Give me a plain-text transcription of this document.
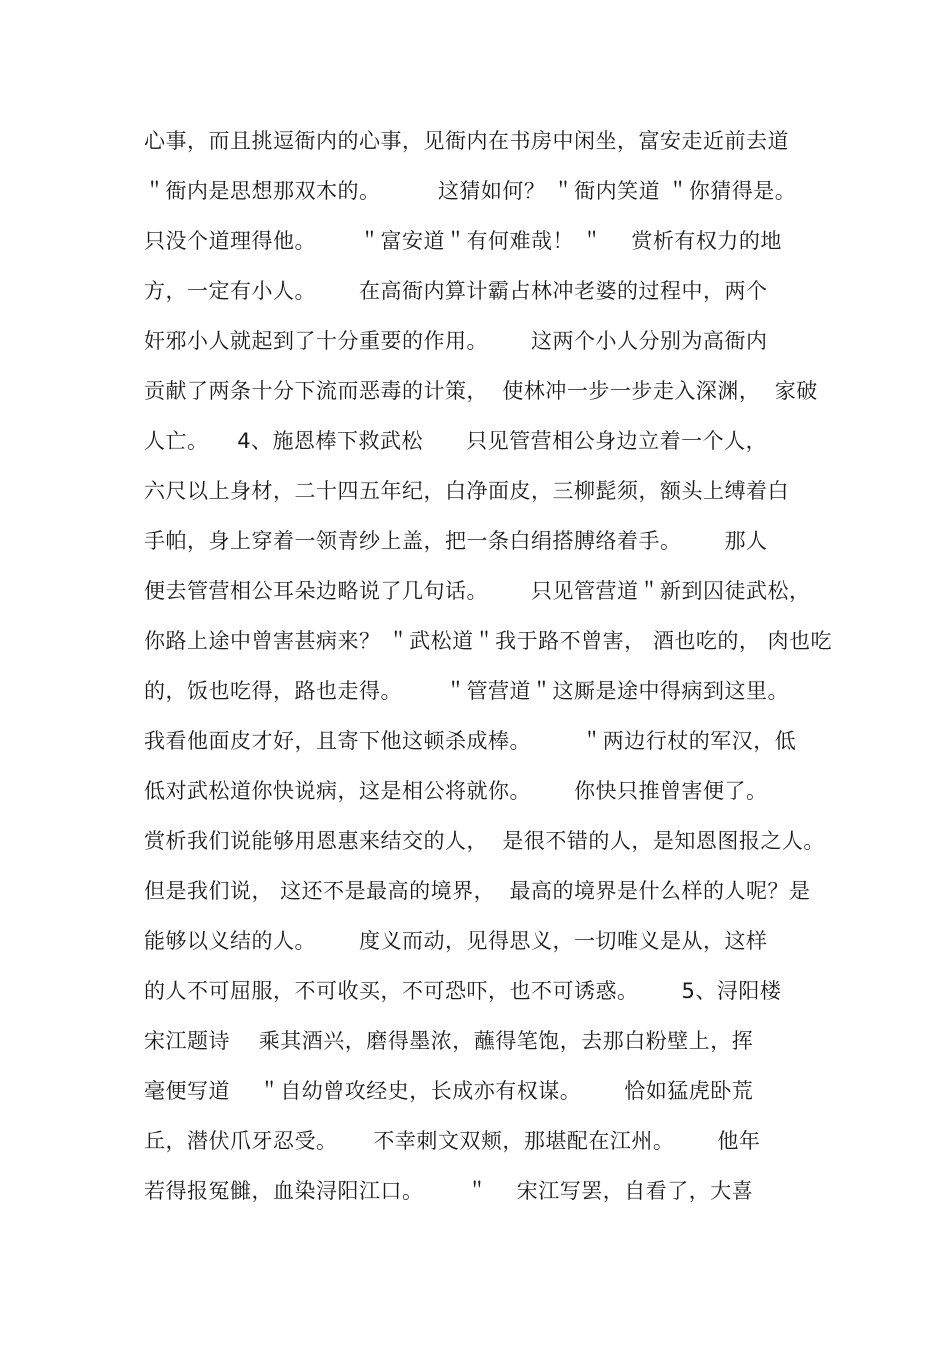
心事，而且挑逗衙内的心事，见衙内在书房中闲坐，富安走近前去道
＂衙内是思想那双木的。        这猜如何？ ＂衙内笑道 ＂你猜得是。
只没个道理得他。      ＂富安道＂有何难哉！ ＂    赏析有权力的地
方，一定有小人。      在高衙内算计霸占林冲老婆的过程中，两个
奸邪小人就起到了十分重要的作用。      这两个小人分别为高衙内
贡献了两条十分下流而恶毒的计策，  使林冲一步一步走入深渊，  家破
人亡。    4、施恩棒下救武松      只见管营相公身边立着一个人，
六尺以上身材，二十四五年纪，白净面皮，三柳髭须，额头上缚着白
手帕，身上穿着一领青纱上盖，把一条白绢搭膊络着手。      那人
便去管营相公耳朵边略说了几句话。      只见管营道＂新到囚徒武松，
你路上途中曾害甚病来？ ＂武松道＂我于路不曾害， 酒也吃的， 肉也吃
的，饭也吃得，路也走得。      ＂管营道＂这厮是途中得病到这里。
我看他面皮才好，且寄下他这顿杀成棒。       ＂两边行杖的军汉，低
低对武松道你快说病，这是相公将就你。      你快只推曾害便了。
赏析我们说能够用恩惠来结交的人，  是很不错的人，是知恩图报之人。
但是我们说， 这还不是最高的境界，  最高的境界是什么样的人呢？是
能够以义结的人。      度义而动，见得思义，一切唯义是从，这样
的人不可屈服，不可收买，不可恐吓，也不可诱惑。      5、浔阳楼
宋江题诗    乘其酒兴，磨得墨浓，蘸得笔饱，去那白粉壁上，挥
毫便写道    ＂自幼曾攻经史，长成亦有权谋。      恰如猛虎卧荒
丘，潜伏爪牙忍受。     不幸刺文双颊，那堪配在江州。      他年
若得报冤雠，血染浔阳江口。      ＂    宋江写罢，自看了，大喜
